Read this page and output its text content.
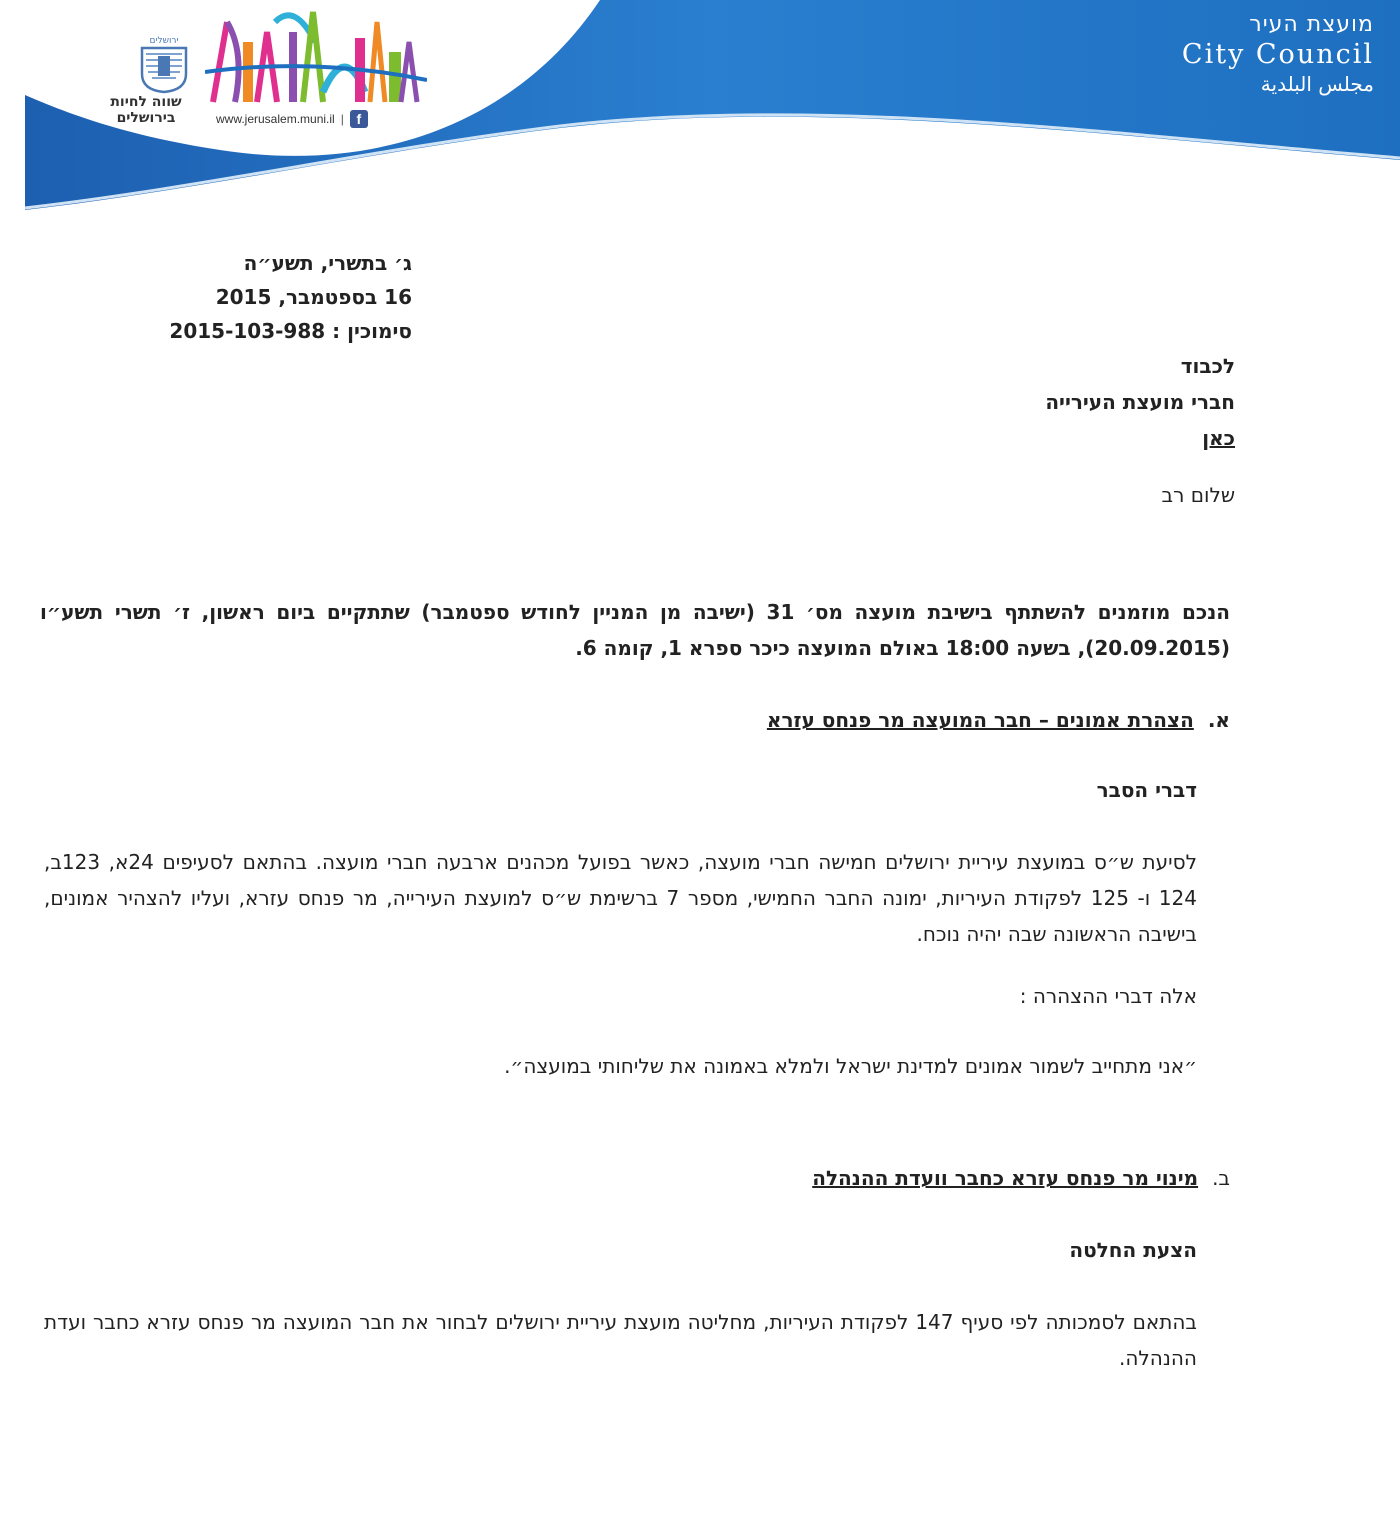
מועצת העיר
City Council
مجلس البلدية
www.jerusalem.muni.il | f
ירושלים
שווה לחיות
בירושלים
ג׳ בתשרי, תשע״ה
16 בספטמבר, 2015
סימוכין : 2015-103-988
לכבוד
חברי מועצת העירייה
כאן
שלום רב
הנכם מוזמנים להשתתף בישיבת מועצה מס׳ 31 (ישיבה מן המניין לחודש ספטמבר) שתתקיים ביום ראשון, ז׳ תשרי תשע״ו (20.09.2015), בשעה 18:00 באולם המועצה כיכר ספרא 1, קומה 6.
א.
הצהרת אמונים – חבר המועצה מר פנחס עזרא
דברי הסבר
לסיעת ש״ס במועצת עיריית ירושלים חמישה חברי מועצה, כאשר בפועל מכהנים ארבעה חברי מועצה. בהתאם לסעיפים 24א, 123ב, 124 ו- 125 לפקודת העיריות, ימונה החבר החמישי, מספר 7 ברשימת ש״ס למועצת העירייה, מר פנחס עזרא, ועליו להצהיר אמונים, בישיבה הראשונה שבה יהיה נוכח.
אלה דברי ההצהרה :
״אני מתחייב לשמור אמונים למדינת ישראל ולמלא באמונה את שליחותי במועצה״.
ב.
מינוי מר פנחס עזרא כחבר וועדת ההנהלה
הצעת החלטה
בהתאם לסמכותה לפי סעיף 147 לפקודת העיריות, מחליטה מועצת עיריית ירושלים לבחור את חבר המועצה מר פנחס עזרא כחבר ועדת ההנהלה.
